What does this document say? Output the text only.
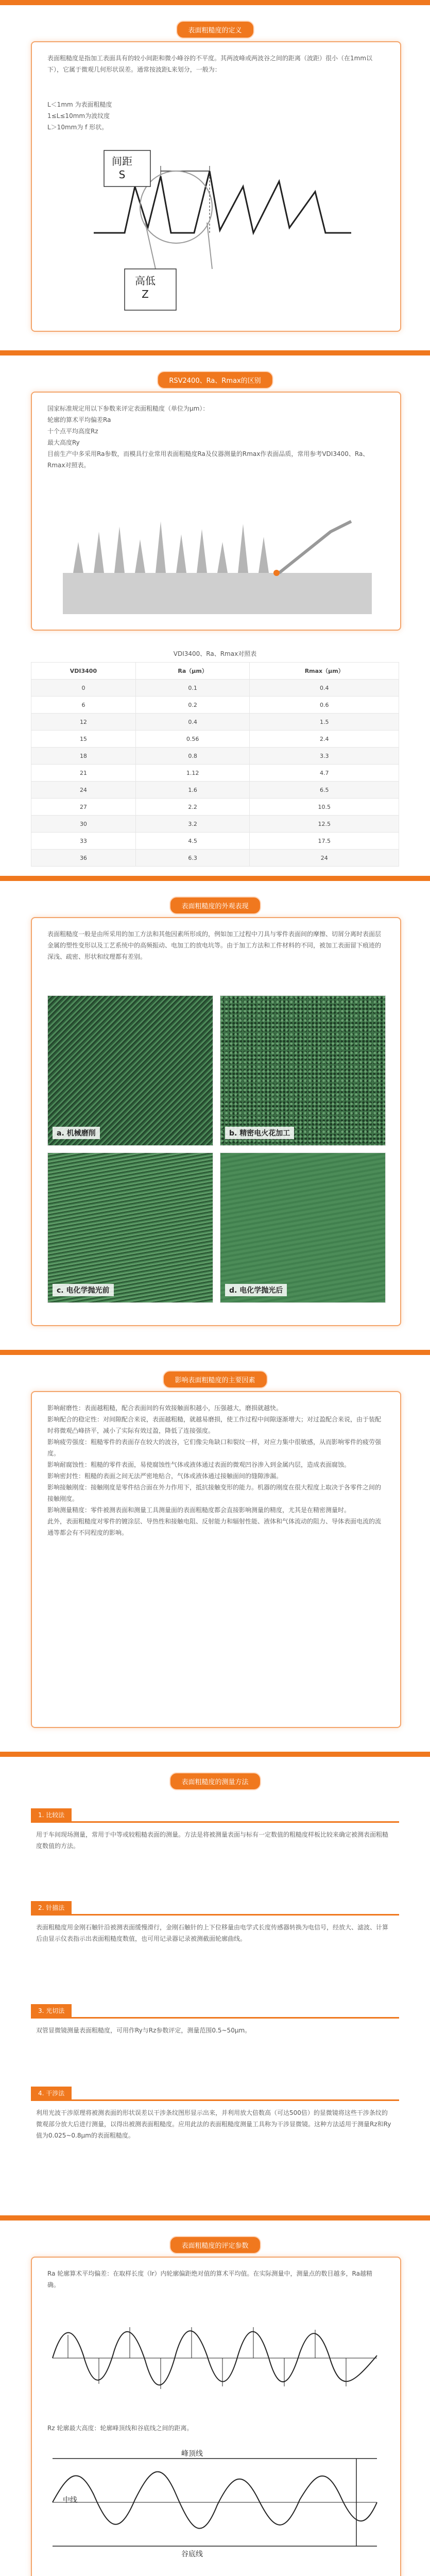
表面粗糙度的定义
表面粗糙度是指加工表面具有的较小间距和微小峰谷的不平度。其两波峰或两波谷之间的距离（波距）很小（在1mm以下），它属于微观几何形状误差。通常按波距L来划分，一般为：
L＜1mm 为表面粗糙度
1≤L≤10mm为波纹度
L＞10mm为 f 形状。
间距
S
高低
Z
RSV2400、Ra、Rmax的区别
国家标准规定用以下参数来评定表面粗糙度（单位为μm）：
轮廓的算术平均偏差Ra
十个点平均高度Rz
最大高度Ry
目前生产中多采用Ra参数，而模具行业常用表面粗糙度Ra及仪器测量的Rmax作表面品质，常用参考VDI3400、Ra、Rmax对照表。
VDI3400、Ra、Rmax对照表
VDI3400	Ra（μm）	Rmax（μm）
0	0.1	0.4
6	0.2	0.6
12	0.4	1.5
15	0.56	2.4
18	0.8	3.3
21	1.12	4.7
24	1.6	6.5
27	2.2	10.5
30	3.2	12.5
33	4.5	17.5
36	6.3	24
表面粗糙度的外观表现
表面粗糙度一般是由所采用的加工方法和其他因素所形成的，例如加工过程中刀具与零件表面间的摩擦、切屑分离时表面层金属的塑性变形以及工艺系统中的高频振动、电加工的放电坑等。由于加工方法和工件材料的不同，被加工表面留下痕迹的深浅、疏密、形状和纹理都有差别。
a. 机械磨削	b. 精密电火花加工
c. 电化学抛光前	d. 电化学抛光后
影响表面粗糙度的主要因素
影响耐磨性：表面越粗糙，配合表面间的有效接触面积越小，压强越大，磨损就越快。
影响配合的稳定性：对间隙配合来说，表面越粗糙，就越易磨损，使工作过程中间隙逐渐增大；对过盈配合来说，由于装配时将微观凸峰挤平，减小了实际有效过盈，降低了连接强度。
影响疲劳强度：粗糙零件的表面存在较大的波谷，它们像尖角缺口和裂纹一样，对应力集中很敏感，从而影响零件的疲劳强度。
影响耐腐蚀性：粗糙的零件表面，易使腐蚀性气体或液体通过表面的微观凹谷渗入到金属内层，造成表面腐蚀。
影响密封性：粗糙的表面之间无法严密地贴合，气体或液体通过接触面间的缝隙渗漏。
影响接触刚度：接触刚度是零件结合面在外力作用下，抵抗接触变形的能力。机器的刚度在很大程度上取决于各零件之间的接触刚度。
影响测量精度：零件被测表面和测量工具测量面的表面粗糙度都会直接影响测量的精度，尤其是在精密测量时。
此外，表面粗糙度对零件的镀涂层、导热性和接触电阻、反射能力和辐射性能、液体和气体流动的阻力、导体表面电流的流通等都会有不同程度的影响。
表面粗糙度的测量方法
1. 比较法
用于车间现场测量，常用于中等或较粗糙表面的测量。方法是将被测量表面与标有一定数值的粗糙度样板比较来确定被测表面粗糙度数值的方法。
2. 针描法
表面粗糙度用金刚石触针沿被测表面缓慢滑行，金刚石触针的上下位移量由电学式长度传感器转换为电信号，经放大、滤波、计算后由显示仪表指示出表面粗糙度数值，也可用记录器记录被测截面轮廓曲线。
3. 光切法
双管显微镜测量表面粗糙度，可用作Ry与Rz参数评定，测量范围0.5~50μm。
4. 干涉法
利用光波干涉原理将被测表面的形状误差以干涉条纹图形显示出来，并利用放大倍数高（可达500倍）的显微镜将这些干涉条纹的微观部分放大后进行测量，以得出被测表面粗糙度。应用此法的表面粗糙度测量工具称为干涉显微镜。这种方法适用于测量Rz和Ry值为0.025~0.8μm的表面粗糙度。
表面粗糙度的评定参数
Ra 轮廓算术平均偏差：在取样长度（lr）内轮廓偏距绝对值的算术平均值。在实际测量中，测量点的数目越多，Ra越精确。
Rz 轮廓最大高度：轮廓峰顶线和谷底线之间的距离。
峰顶线
中线
谷底线
